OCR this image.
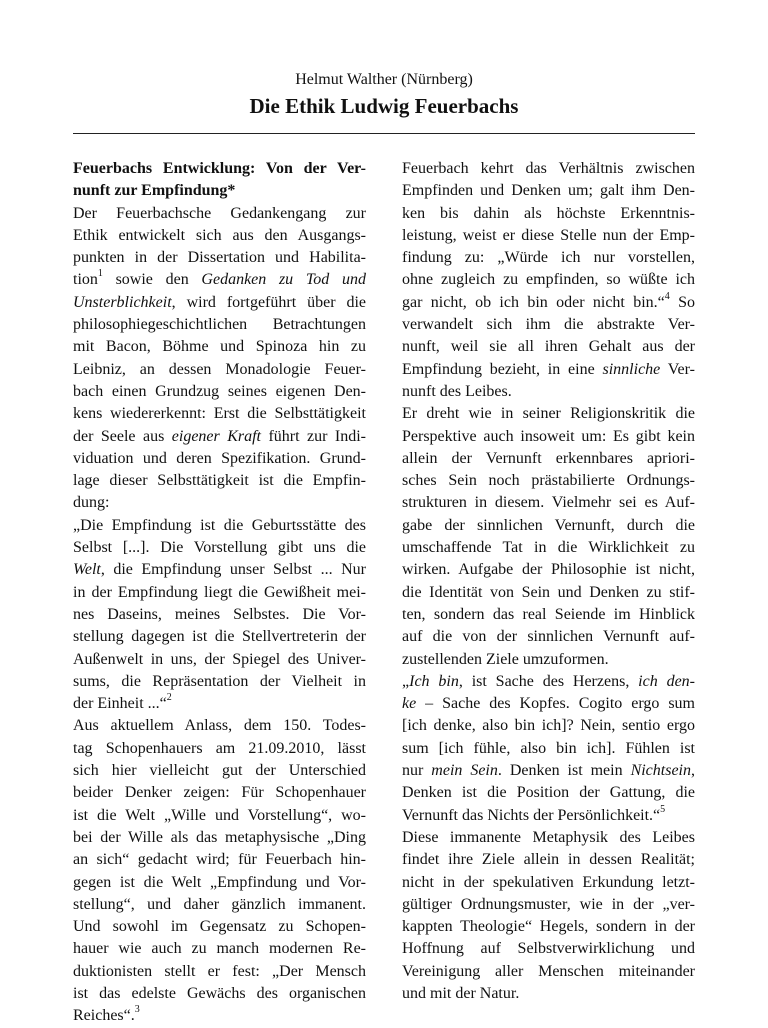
Helmut Walther (Nürnberg)
Die Ethik Ludwig Feuerbachs
Feuerbachs Entwicklung: Von der Ver-
nunft zur Empfindung*
Der Feuerbachsche Gedankengang zur
Ethik entwickelt sich aus den Ausgangs-
punkten in der Dissertation und Habilita-
tion$^1$ sowie den Gedanken zu Tod und
Unsterblichkeit, wird fortgeführt über die
philosophiegeschichtlichen Betrachtungen
mit Bacon, Böhme und Spinoza hin zu
Leibniz, an dessen Monadologie Feuer-
bach einen Grundzug seines eigenen Den-
kens wiedererkennt: Erst die Selbsttätigkeit
der Seele aus eigener Kraft führt zur Indi-
viduation und deren Spezifikation. Grund-
lage dieser Selbsttätigkeit ist die Empfin-
dung:
„Die Empfindung ist die Geburtsstätte des
Selbst [...]. Die Vorstellung gibt uns die
Welt, die Empfindung unser Selbst ... Nur
in der Empfindung liegt die Gewißheit mei-
nes Daseins, meines Selbstes. Die Vor-
stellung dagegen ist die Stellvertreterin der
Außenwelt in uns, der Spiegel des Univer-
sums, die Repräsentation der Vielheit in
der Einheit ...“$^2$
Aus aktuellem Anlass, dem 150. Todes-
tag Schopenhauers am 21.09.2010, lässt
sich hier vielleicht gut der Unterschied
beider Denker zeigen: Für Schopenhauer
ist die Welt „Wille und Vorstellung“, wo-
bei der Wille als das metaphysische „Ding
an sich“ gedacht wird; für Feuerbach hin-
gegen ist die Welt „Empfindung und Vor-
stellung“, und daher gänzlich immanent.
Und sowohl im Gegensatz zu Schopen-
hauer wie auch zu manch modernen Re-
duktionisten stellt er fest: „Der Mensch
ist das edelste Gewächs des organischen
Reiches“.$^3$
Feuerbach kehrt das Verhältnis zwischen
Empfinden und Denken um; galt ihm Den-
ken bis dahin als höchste Erkenntnis-
leistung, weist er diese Stelle nun der Emp-
findung zu: „Würde ich nur vorstellen,
ohne zugleich zu empfinden, so wüßte ich
gar nicht, ob ich bin oder nicht bin.“$^4$ So
verwandelt sich ihm die abstrakte Ver-
nunft, weil sie all ihren Gehalt aus der
Empfindung bezieht, in eine sinnliche Ver-
nunft des Leibes.
Er dreht wie in seiner Religionskritik die
Perspektive auch insoweit um: Es gibt kein
allein der Vernunft erkennbares apriori-
sches Sein noch prästabilierte Ordnungs-
strukturen in diesem. Vielmehr sei es Auf-
gabe der sinnlichen Vernunft, durch die
umschaffende Tat in die Wirklichkeit zu
wirken. Aufgabe der Philosophie ist nicht,
die Identität von Sein und Denken zu stif-
ten, sondern das real Seiende im Hinblick
auf die von der sinnlichen Vernunft auf-
zustellenden Ziele umzuformen.
„Ich bin, ist Sache des Herzens, ich den-
ke – Sache des Kopfes. Cogito ergo sum
[ich denke, also bin ich]? Nein, sentio ergo
sum [ich fühle, also bin ich]. Fühlen ist
nur mein Sein. Denken ist mein Nichtsein,
Denken ist die Position der Gattung, die
Vernunft das Nichts der Persönlichkeit.“$^5$
Diese immanente Metaphysik des Leibes
findet ihre Ziele allein in dessen Realität;
nicht in der spekulativen Erkundung letzt-
gültiger Ordnungsmuster, wie in der „ver-
kappten Theologie“ Hegels, sondern in der
Hoffnung auf Selbstverwirklichung und
Vereinigung aller Menschen miteinander
und mit der Natur.
